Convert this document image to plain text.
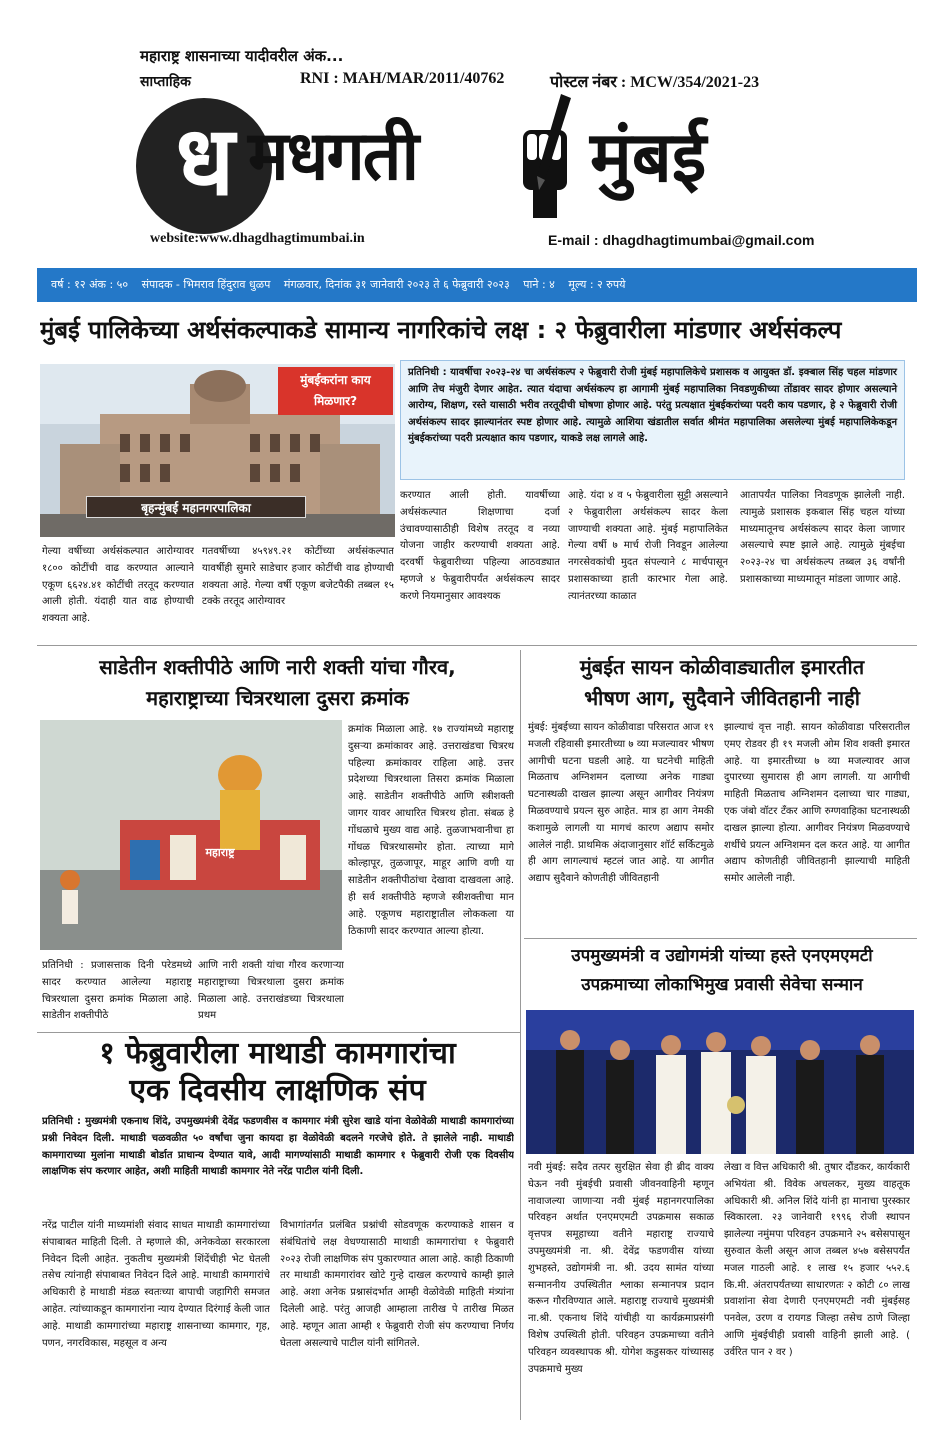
महाराष्ट्र शासनाच्या यादीवरील अंक...
साप्ताहिक	RNI : MAH/MAR/2011/40762	पोस्टल नंबर : MCW/354/2021-23
ध मधगती मुंबई
website:www.dhagdhagtimumbai.in	E-mail : dhagdhagtimumbai@gmail.com
वर्ष : १२ अंक : ५० संपादक - भिमराव हिंदुराव धुळप मंगळवार, दिनांक ३१ जानेवारी २०२३ ते ६ फेब्रुवारी २०२३ पाने : ४ मूल्य : २ रुपये
मुंबई पालिकेच्या अर्थसंकल्पाकडे सामान्य नागरिकांचे लक्ष : २ फेब्रुवारीला मांडणार अर्थसंकल्प
बृहन्मुंबई महानगरपालिका
मुंबईकरांना काय मिळणार?
प्रतिनिधी : यावर्षीचा २०२३-२४ चा अर्थसंकल्प २ फेब्रुवारी रोजी मुंबई महापालिकेचे प्रशासक व आयुक्त डॉ. इक्बाल सिंह चहल मांडणार आणि तेच मंजुरी देणार आहेत. त्यात यंदाचा अर्थसंकल्प हा आगामी मुंबई महापालिका निवडणुकीच्या तोंडावर सादर होणार असल्याने आरोग्य, शिक्षण, रस्ते यासाठी भरीव तरतूदीची घोषणा होणार आहे. परंतु प्रत्यक्षात मुंबईकरांच्या पदरी काय पडणार, हे २ फेब्रुवारी रोजी अर्थसंकल्प सादर झाल्यानंतर स्पष्ट होणार आहे. त्यामुळे आशिया खंडातील सर्वात श्रीमंत महापालिका असलेल्या मुंबई महापालिकेकडून मुंबईकरांच्या पदरी प्रत्यक्षात काय पडणार, याकडे लक्ष लागले आहे.
गेल्या वर्षीच्या अर्थसंकल्पात आरोग्यावर १८०० कोटींची वाढ करण्यात आल्याने एकूण ६६२४.४१ कोटींची तरतूद करण्यात आली होती. यंदाही यात वाढ होण्याची शक्यता आहे.
गतवर्षीच्या ४५९४९.२१ कोटींच्या अर्थसंकल्पात यावर्षीही सुमारे साडेचार हजार कोटींची वाढ होण्याची शक्यता आहे. गेल्या वर्षी एकूण बजेटपैकी तब्बल १५ टक्के तरतूद आरोग्यावर
करण्यात आली होती. यावर्षीच्या अर्थसंकल्पात शिक्षणाचा दर्जा उंचावण्यासाठीही विशेष तरतूद व नव्या योजना जाहीर करण्याची शक्यता आहे. दरवर्षी फेब्रुवारीच्या पहिल्या आठवड्यात म्हणजे ४ फेब्रुवारीपर्यंत अर्थसंकल्प सादर करणे नियमानुसार आवश्यक
आहे. यंदा ४ व ५ फेब्रुवारीला सुट्टी असल्याने २ फेब्रुवारीला अर्थसंकल्प सादर केला जाण्याची शक्यता आहे. मुंबई महापालिकेत गेल्या वर्षी ७ मार्च रोजी निवडून आलेल्या नगरसेवकांची मुदत संपल्याने ८ मार्चपासून प्रशासकाच्या हाती कारभार गेला आहे. त्यानंतरच्या काळात
आतापर्यंत पालिका निवडणूक झालेली नाही. त्यामुळे प्रशासक इकबाल सिंह चहल यांच्या माध्यमातूनच अर्थसंकल्प सादर केला जाणार असल्याचे स्पष्ट झाले आहे. त्यामुळे मुंबईचा २०२३-२४ चा अर्थसंकल्प तब्बल ३६ वर्षांनी प्रशासकाच्या माध्यमातून मांडला जाणार आहे.
साडेतीन शक्तीपीठे आणि नारी शक्ती यांचा गौरव,
महाराष्ट्राच्या चित्ररथाला दुसरा क्रमांक
महाराष्ट्र
क्रमांक मिळाला आहे. १७ राज्यांमध्ये महाराष्ट्र दुसऱ्या क्रमांकावर आहे. उत्तराखंडचा चित्ररथ पहिल्या क्रमांकावर राहिला आहे. उत्तर प्रदेशच्या चित्ररथाला तिसरा क्रमांक मिळाला आहे. साडेतीन शक्तीपीठे आणि स्त्रीशक्ती जागर यावर आधारित चित्ररथ होता. संबळ हे गोंधळाचे मुख्य वाद्य आहे. तुळजाभवानीचा हा गोंधळ चित्ररथासमोर होता. त्याच्या मागे कोल्हापूर, तुळजापूर, माहूर आणि वणी या साडेतीन शक्तीपीठांचा देखावा दाखवला आहे. ही सर्व शक्तीपीठे म्हणजे स्त्रीशक्तीचा मान आहे. एकूणच महाराष्ट्रातील लोककला या ठिकाणी सादर करण्यात आल्या होत्या.
प्रतिनिधी : प्रजासत्ताक दिनी परेडमध्ये सादर करण्यात आलेल्या महाराष्ट्र चित्ररथाला दुसरा क्रमांक मिळाला आहे. साडेतीन शक्तीपीठे
आणि नारी शक्ती यांचा गौरव करणाऱ्या महाराष्ट्राच्या चित्ररथाला दुसरा क्रमांक मिळाला आहे. उत्तराखंडच्या चित्ररथाला प्रथम
मुंबईत सायन कोळीवाड्यातील इमारतीत
भीषण आग, सुदैवाने जीवितहानी नाही
मुंबई: मुंबईच्या सायन कोळीवाडा परिसरात आज १९ मजली रहिवासी इमारतीच्या ७ व्या मजल्यावर भीषण आगीची घटना घडली आहे. या घटनेची माहिती मिळताच अग्निशमन दलाच्या अनेक गाड्या घटनास्थळी दाखल झाल्या असून आगीवर नियंत्रण मिळवण्याचे प्रयत्न सुरु आहेत. मात्र हा आग नेमकी कशामुळे लागली या मागचं कारण अद्याप समोर आलेलं नाही. प्राथमिक अंदाजानुसार शॉर्ट सर्किटमुळे ही आग लागल्याचं म्हटलं जात आहे. या आगीत अद्याप सुदैवाने कोणतीही जीवितहानी
झाल्याचं वृत्त नाही. सायन कोळीवाडा परिसरातील एमए रोडवर ही १९ मजली ओम शिव शक्ती इमारत आहे. या इमारतीच्या ७ व्या मजल्यावर आज दुपारच्या सुमारास ही आग लागली. या आगीची माहिती मिळताच अग्निशमन दलाच्या चार गाड्या, एक जंबो वॉटर टँकर आणि रुग्णवाहिका घटनास्थळी दाखल झाल्या होत्या. आगीवर नियंत्रण मिळवण्याचे शर्थीचे प्रयत्न अग्निशमन दल करत आहे. या आगीत अद्याप कोणतीही जीवितहानी झाल्याची माहिती समोर आलेली नाही.
उपमुख्यमंत्री व उद्योगमंत्री यांच्या हस्ते एनएमएमटी
उपक्रमाच्या लोकाभिमुख प्रवासी सेवेचा सन्मान
नवी मुंबई: सदैव तत्पर सुरक्षित सेवा ही ब्रीद वाक्य घेऊन नवी मुंबईची प्रवासी जीवनवाहिनी म्हणून नावाजल्या जाणाऱ्या नवी मुंबई महानगरपालिका परिवहन अर्थात एनएमएमटी उपक्रमास सकाळ वृत्तपत्र समूहाच्या वतीने महाराष्ट्र राज्याचे उपमुख्यमंत्री ना. श्री. देवेंद्र फडणवीस यांच्या शुभहस्ते, उद्योगमंत्री ना. श्री. उदय सामंत यांच्या सन्माननीय उपस्थितीत श्लाका सन्मानपत्र प्रदान करून गौरविण्यात आले. महाराष्ट्र राज्याचे मुख्यमंत्री ना.श्री. एकनाथ शिंदे यांचीही या कार्यक्रमाप्रसंगी विशेष उपस्थिती होती. परिवहन उपक्रमाच्या वतीने परिवहन व्यवस्थापक श्री. योगेश कडुसकर यांच्यासह उपक्रमाचे मुख्य
लेखा व वित्त अधिकारी श्री. तुषार दौंडकर, कार्यकारी अभियंता श्री. विवेक अचलकर, मुख्य वाहतूक अधिकारी श्री. अनिल शिंदे यांनी हा मानाचा पुरस्कार स्विकारला. २३ जानेवारी १९९६ रोजी स्थापन झालेल्या नमुंमपा परिवहन उपक्रमाने २५ बसेसपासून सुरुवात केली असून आज तब्बल ४५७ बसेसपर्यंत मजल गाठली आहे. १ लाख १५ हजार ५५२.६ कि.मी. अंतरापर्यंतच्या साधारणतः २ कोटी ८० लाख प्रवाशांना सेवा देणारी एनएमएमटी नवी मुंबईसह पनवेल, उरण व रायगड जिल्हा तसेच ठाणे जिल्हा आणि मुंबईचीही प्रवासी वाहिनी झाली आहे. ( उर्वरित पान २ वर )
१ फेब्रुवारीला माथाडी कामगारांचा
एक दिवसीय लाक्षणिक संप
प्रतिनिधी : मुख्यमंत्री एकनाथ शिंदे, उपमुख्यमंत्री देवेंद्र फडणवीस व कामगार मंत्री सुरेश खाडे यांना वेळोवेळी माथाडी कामगारांच्या प्रश्नी निवेदन दिली. माथाडी चळवळीत ५० वर्षांचा जुना कायदा हा वेळोवेळी बदलने गरजेचे होते. ते झालेले नाही. माथाडी कामगाराच्या मुलांना माथाडी बोर्डात प्राधान्य देण्यात यावे, आदी मागण्यांसाठी माथाडी कामगार १ फेब्रुवारी रोजी एक दिवसीय लाक्षणिक संप करणार आहेत, अशी माहिती माथाडी कामगार नेते नरेंद्र पाटील यांनी दिली.
नरेंद्र पाटील यांनी माध्यमांशी संवाद साधत माथाडी कामगारांच्या संपाबाबत माहिती दिली. ते म्हणाले की, अनेकवेळा सरकारला निवेदन दिली आहेत. नुकतीच मुख्यमंत्री शिंदेंचीही भेट घेतली तसेच त्यांनाही संपाबाबत निवेदन दिले आहे. माथाडी कामगारांचे अधिकारी हे माथाडी मंडळ स्वतःच्या बापाची जहागिरी समजत आहेत. त्यांच्याकडून कामगारांना न्याय देण्यात दिरंगाई केली जात आहे. माथाडी कामगारांच्या महाराष्ट्र शासनाच्या कामगार, गृह, पणन, नगरविकास, महसूल व अन्य
विभागांतर्गत प्रलंबित प्रश्नांची सोडवणूक करण्याकडे शासन व संबंधितांचे लक्ष वेधण्यासाठी माथाडी कामगारांचा १ फेब्रुवारी २०२३ रोजी लाक्षणिक संप पुकारण्यात आला आहे. काही ठिकाणी तर माथाडी कामगारांवर खोटे गुन्हे दाखल करण्याचे काम्ही झाले आहे. अशा अनेक प्रश्नासंदर्भात आम्ही वेळोवेळी माहिती मंत्र्यांना दिलेली आहे. परंतु आजही आम्हाला तारीख पे तारीख मिळत आहे. म्हणून आता आम्ही १ फेब्रुवारी रोजी संप करण्याचा निर्णय घेतला असल्याचे पाटील यांनी सांगितले.
